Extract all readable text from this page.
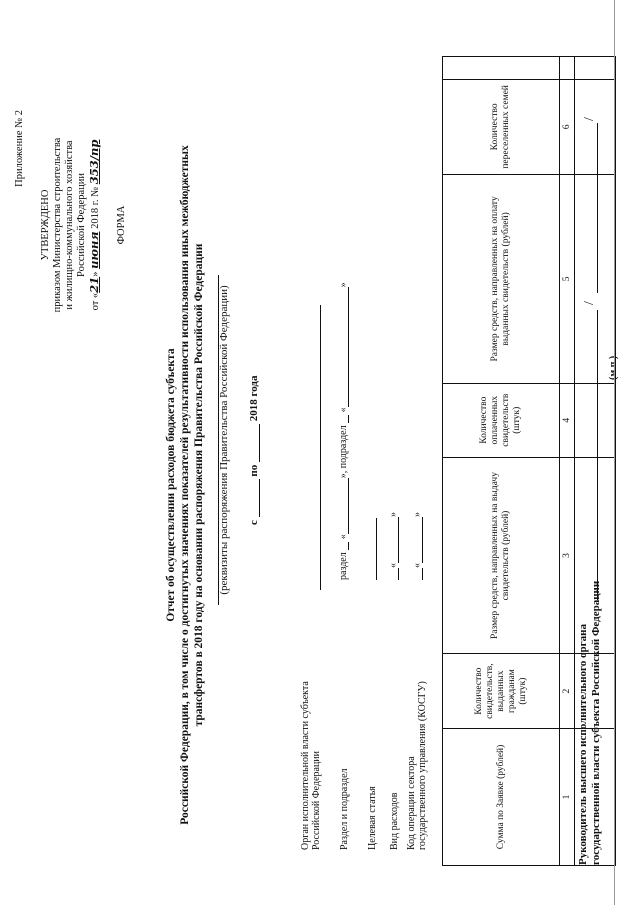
Приложение № 2
УТВЕРЖДЕНО приказом Министерства строительства и жилищно-коммунального хозяйства Российской Федерации
от «21» июня 2018 г. № 353/пр
ФОРМА
Отчет об осуществлении расходов бюджета субъекта Российской Федерации, в том числе о достигнутых значениях показателей результативности использования иных межбюджетных трансфертов в 2018 году на основании распоряжения Правительства Российской Федерации (реквизиты распоряжения Правительства Российской Федерации) с  по  2018 года
Орган исполнительной власти субъекта Российской Федерации Раздел и подраздел
раздел  «», подраздел  «»
Целевая статья Вид расходов
«»
Код операции сектора государственного управления (КОСГУ)
«»
Сумма по Заявке (рублей)	Количество свидетельств, выданных гражданам (штук)	Размер средств, направленных на выдачу свидетельств (рублей)	Количество оплаченных свидетельств (штук)	Размер средств, направленных на оплату выданных свидетельств (рублей)	Количество переселенных семей	
1	2	3	4	5	6	

Руководитель высшего исполнительного органа государственной власти субъекта Российской Федерации
/
/
(м.п.)
